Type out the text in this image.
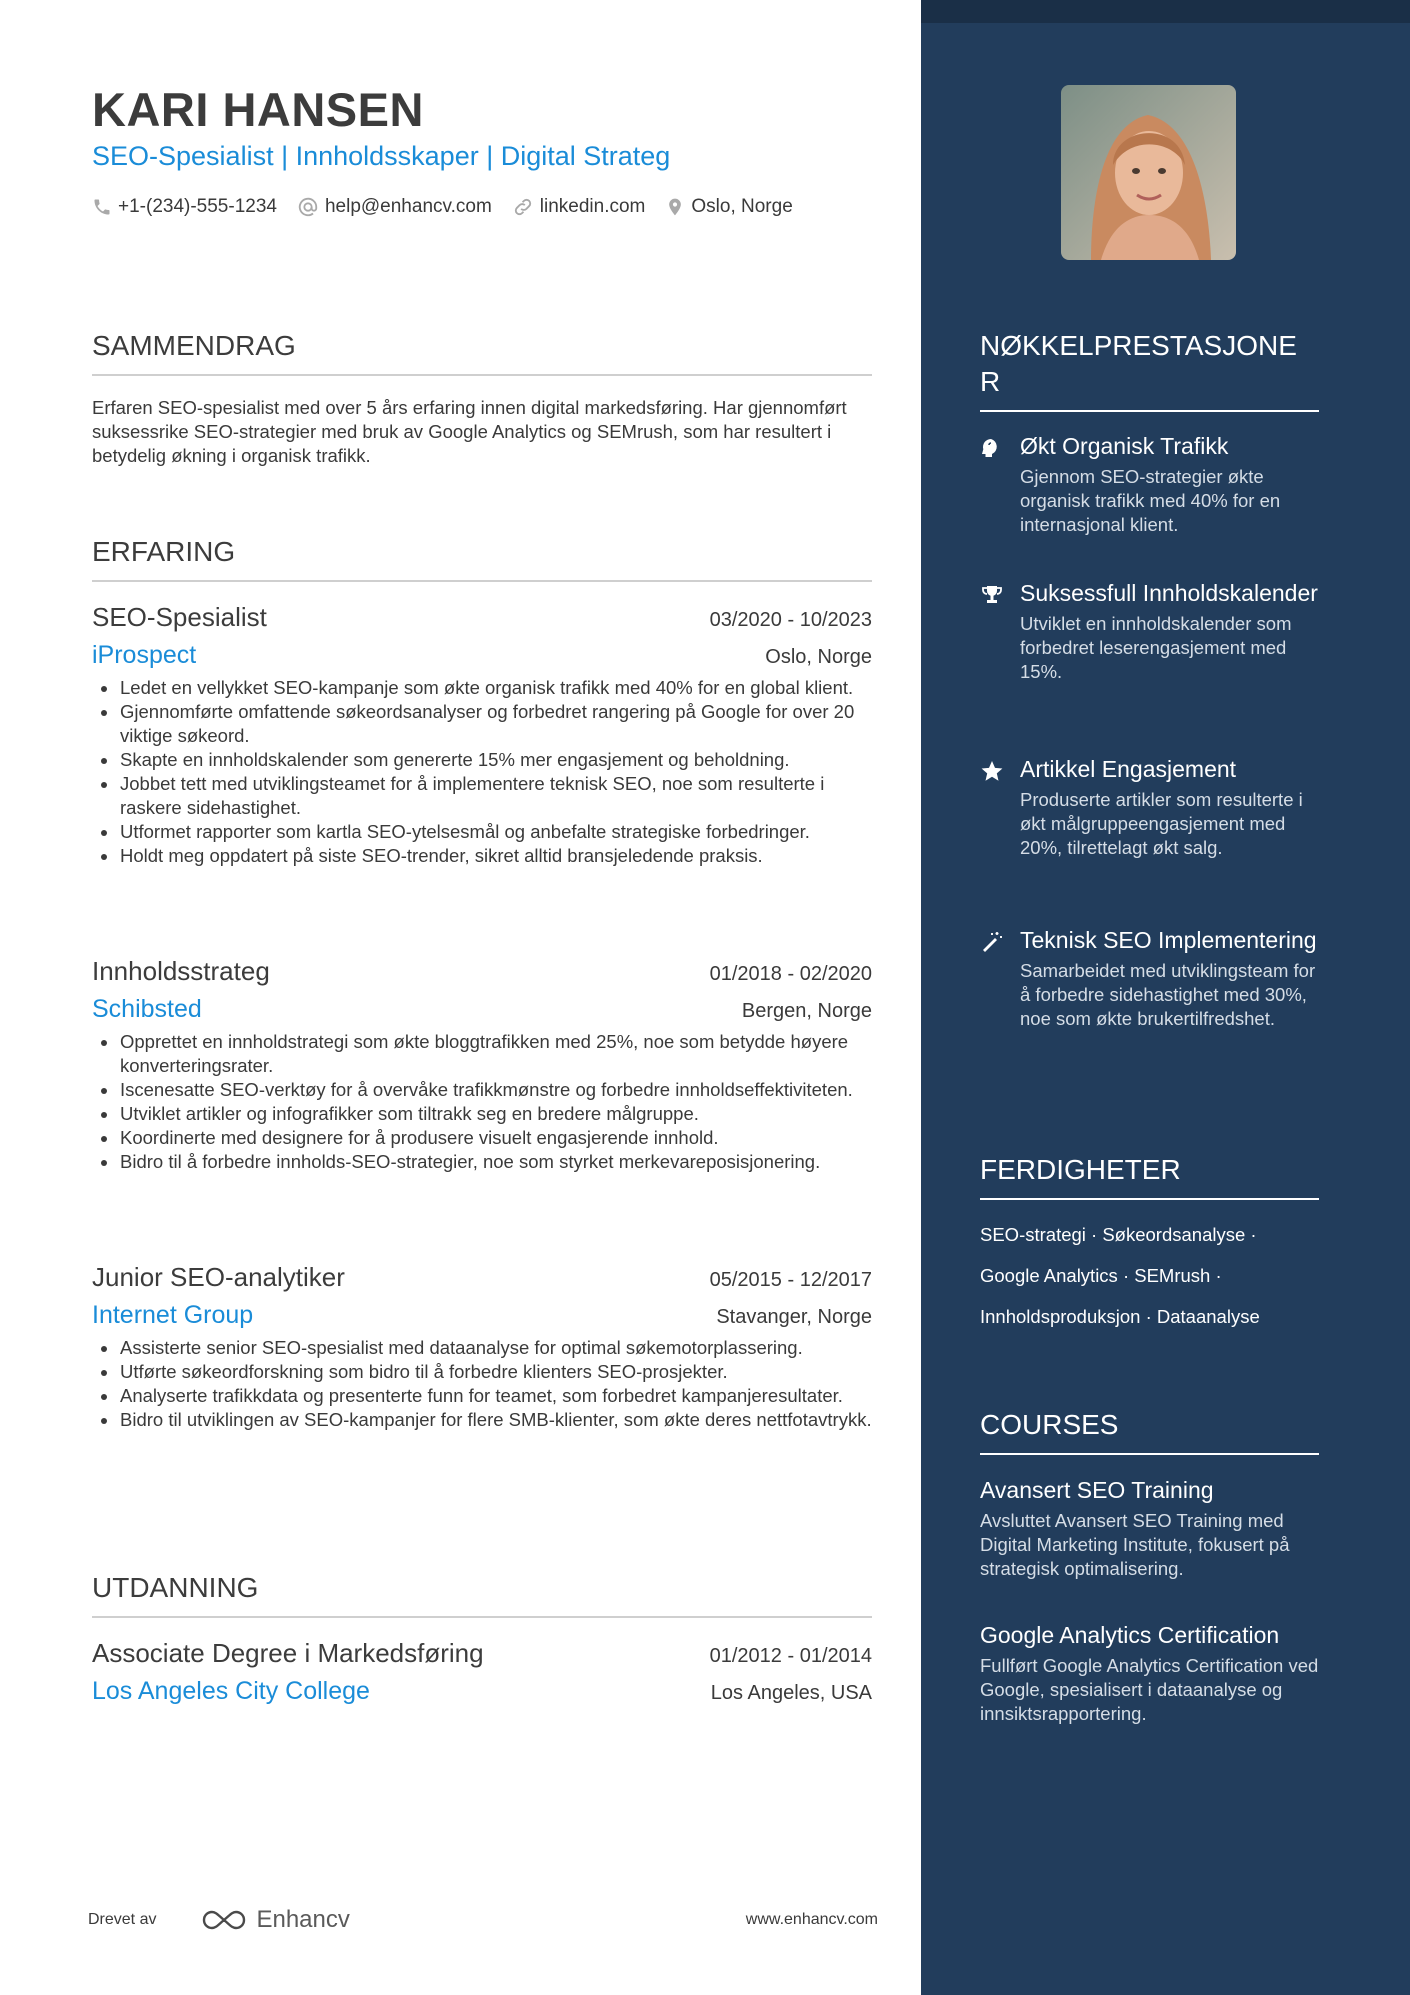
KARI HANSEN
SEO-Spesialist | Innholdsskaper | Digital Strateg
+1-(234)-555-1234	help@enhancv.com	linkedin.com Oslo, Norge
SAMMENDRAG
Erfaren SEO-spesialist med over 5 års erfaring innen digital markedsføring. Har gjennomført suksessrike SEO-strategier med bruk av Google Analytics og SEMrush, som har resultert i betydelig økning i organisk trafikk.
ERFARING
SEO-Spesialist	03/2020 - 10/2023
iProspect	Oslo, Norge
Ledet en vellykket SEO-kampanje som økte organisk trafikk med 40% for en global klient.
Gjennomførte omfattende søkeordsanalyser og forbedret rangering på Google for over 20 viktige søkeord.
Skapte en innholdskalender som genererte 15% mer engasjement og beholdning.
Jobbet tett med utviklingsteamet for å implementere teknisk SEO, noe som resulterte i raskere sidehastighet.
Utformet rapporter som kartla SEO-ytelsesmål og anbefalte strategiske forbedringer.
Holdt meg oppdatert på siste SEO-trender, sikret alltid bransjeledende praksis.
Innholdsstrateg	01/2018 - 02/2020
Schibsted	Bergen, Norge
Opprettet en innholdstrategi som økte bloggtrafikken med 25%, noe som betydde høyere konverteringsrater.
Iscenesatte SEO-verktøy for å overvåke trafikkmønstre og forbedre innholdseffektiviteten.
Utviklet artikler og infografikker som tiltrakk seg en bredere målgruppe.
Koordinerte med designere for å produsere visuelt engasjerende innhold.
Bidro til å forbedre innholds-SEO-strategier, noe som styrket merkevareposisjonering.
Junior SEO-analytiker	05/2015 - 12/2017
Internet Group	Stavanger, Norge
Assisterte senior SEO-spesialist med dataanalyse for optimal søkemotorplassering.
Utførte søkeordforskning som bidro til å forbedre klienters SEO-prosjekter.
Analyserte trafikkdata og presenterte funn for teamet, som forbedret kampanjeresultater.
Bidro til utviklingen av SEO-kampanjer for flere SMB-klienter, som økte deres nettfotavtrykk.
UTDANNING
Associate Degree i Markedsføring	01/2012 - 01/2014
Los Angeles City College	Los Angeles, USA
Drevet av	Enhancv	www.enhancv.com
NØKKELPRESTASJONE
R
Økt Organisk Trafikk
Gjennom SEO-strategier økte organisk trafikk med 40% for en internasjonal klient.
Suksessfull Innholdskalender
Utviklet en innholdskalender som forbedret leserengasjement med 15%.
Artikkel Engasjement
Produserte artikler som resulterte i økt målgruppeengasjement med 20%, tilrettelagt økt salg.
Teknisk SEO Implementering
Samarbeidet med utviklingsteam for å forbedre sidehastighet med 30%, noe som økte brukertilfredshet.
FERDIGHETER
SEO-strategi · Søkeordsanalyse ·
Google Analytics · SEMrush ·
Innholdsproduksjon · Dataanalyse
COURSES
Avansert SEO Training
Avsluttet Avansert SEO Training med Digital Marketing Institute, fokusert på strategisk optimalisering.
Google Analytics Certification
Fullført Google Analytics Certification ved Google, spesialisert i dataanalyse og innsiktsrapportering.
